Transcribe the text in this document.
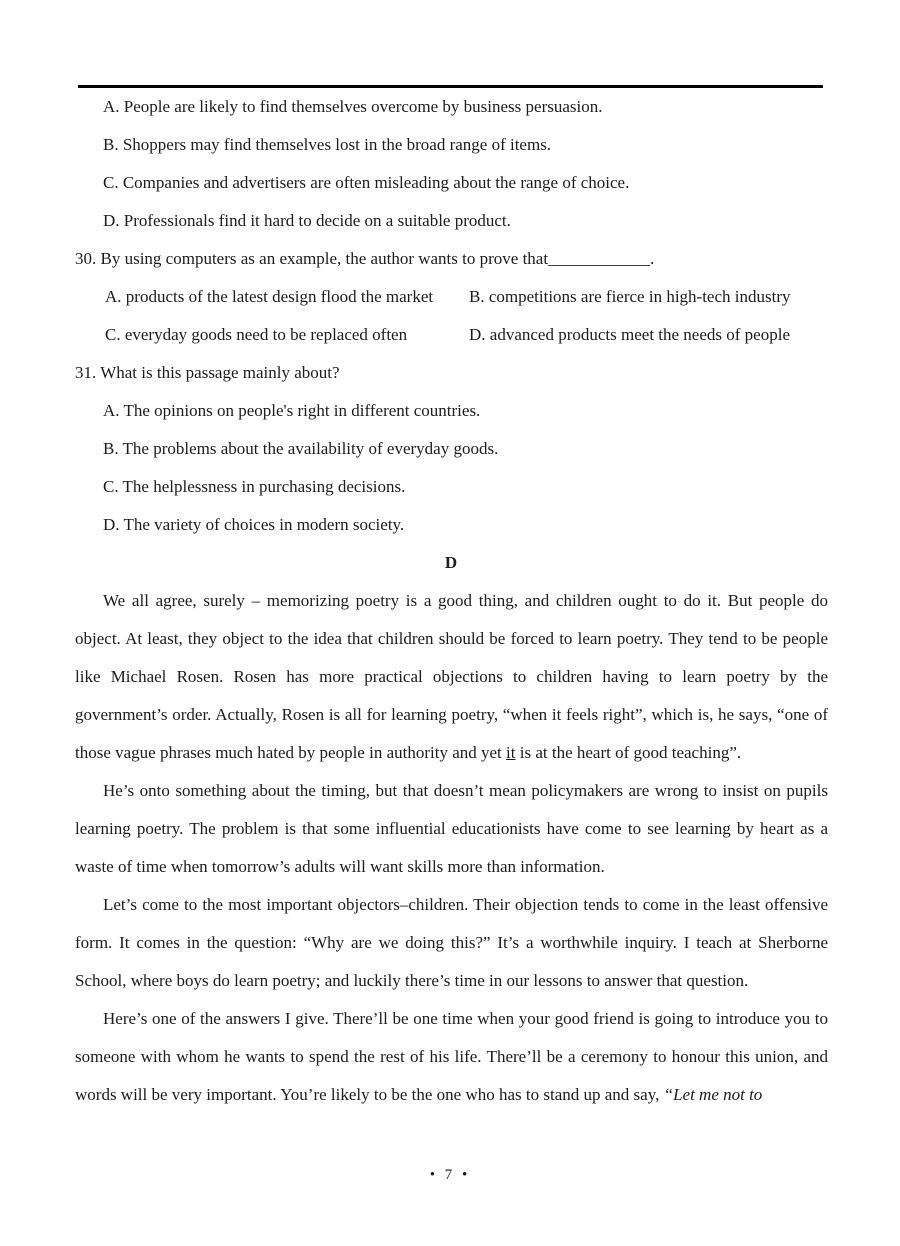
A. People are likely to find themselves overcome by business persuasion.
B. Shoppers may find themselves lost in the broad range of items.
C. Companies and advertisers are often misleading about the range of choice.
D. Professionals find it hard to decide on a suitable product.
30. By using computers as an example, the author wants to prove that____________.
A. products of the latest design flood the market B. competitions are fierce in high-tech industry
C. everyday goods need to be replaced often	D. advanced products meet the needs of people
31. What is this passage mainly about?
A. The opinions on people's right in different countries.
B. The problems about the availability of everyday goods.
C. The helplessness in purchasing decisions.
D. The variety of choices in modern society.
D

We all agree, surely – memorizing poetry is a good thing, and children ought to do it. But people do object. At least, they object to the idea that children should be forced to learn poetry. They tend to be people like Michael Rosen. Rosen has more practical objections to children having to learn poetry by the government’s order. Actually, Rosen is all for learning poetry, “when it feels right”, which is, he says, “one of those vague phrases much hated by people in authority and yet it is at the heart of good teaching”.

He’s onto something about the timing, but that doesn’t mean policymakers are wrong to insist on pupils learning poetry. The problem is that some influential educationists have come to see learning by heart as a waste of time when tomorrow’s adults will want skills more than information.

Let’s come to the most important objectors–children. Their objection tends to come in the least offensive form. It comes in the question: “Why are we doing this?” It’s a worthwhile inquiry. I teach at Sherborne School, where boys do learn poetry; and luckily there’s time in our lessons to answer that question.

Here’s one of the answers I give. There’ll be one time when your good friend is going to introduce you to someone with whom he wants to spend the rest of his life. There’ll be a ceremony to honour this union, and words will be very important. You’re likely to be the one who has to stand up and say, “Let me not to

• 7 •
